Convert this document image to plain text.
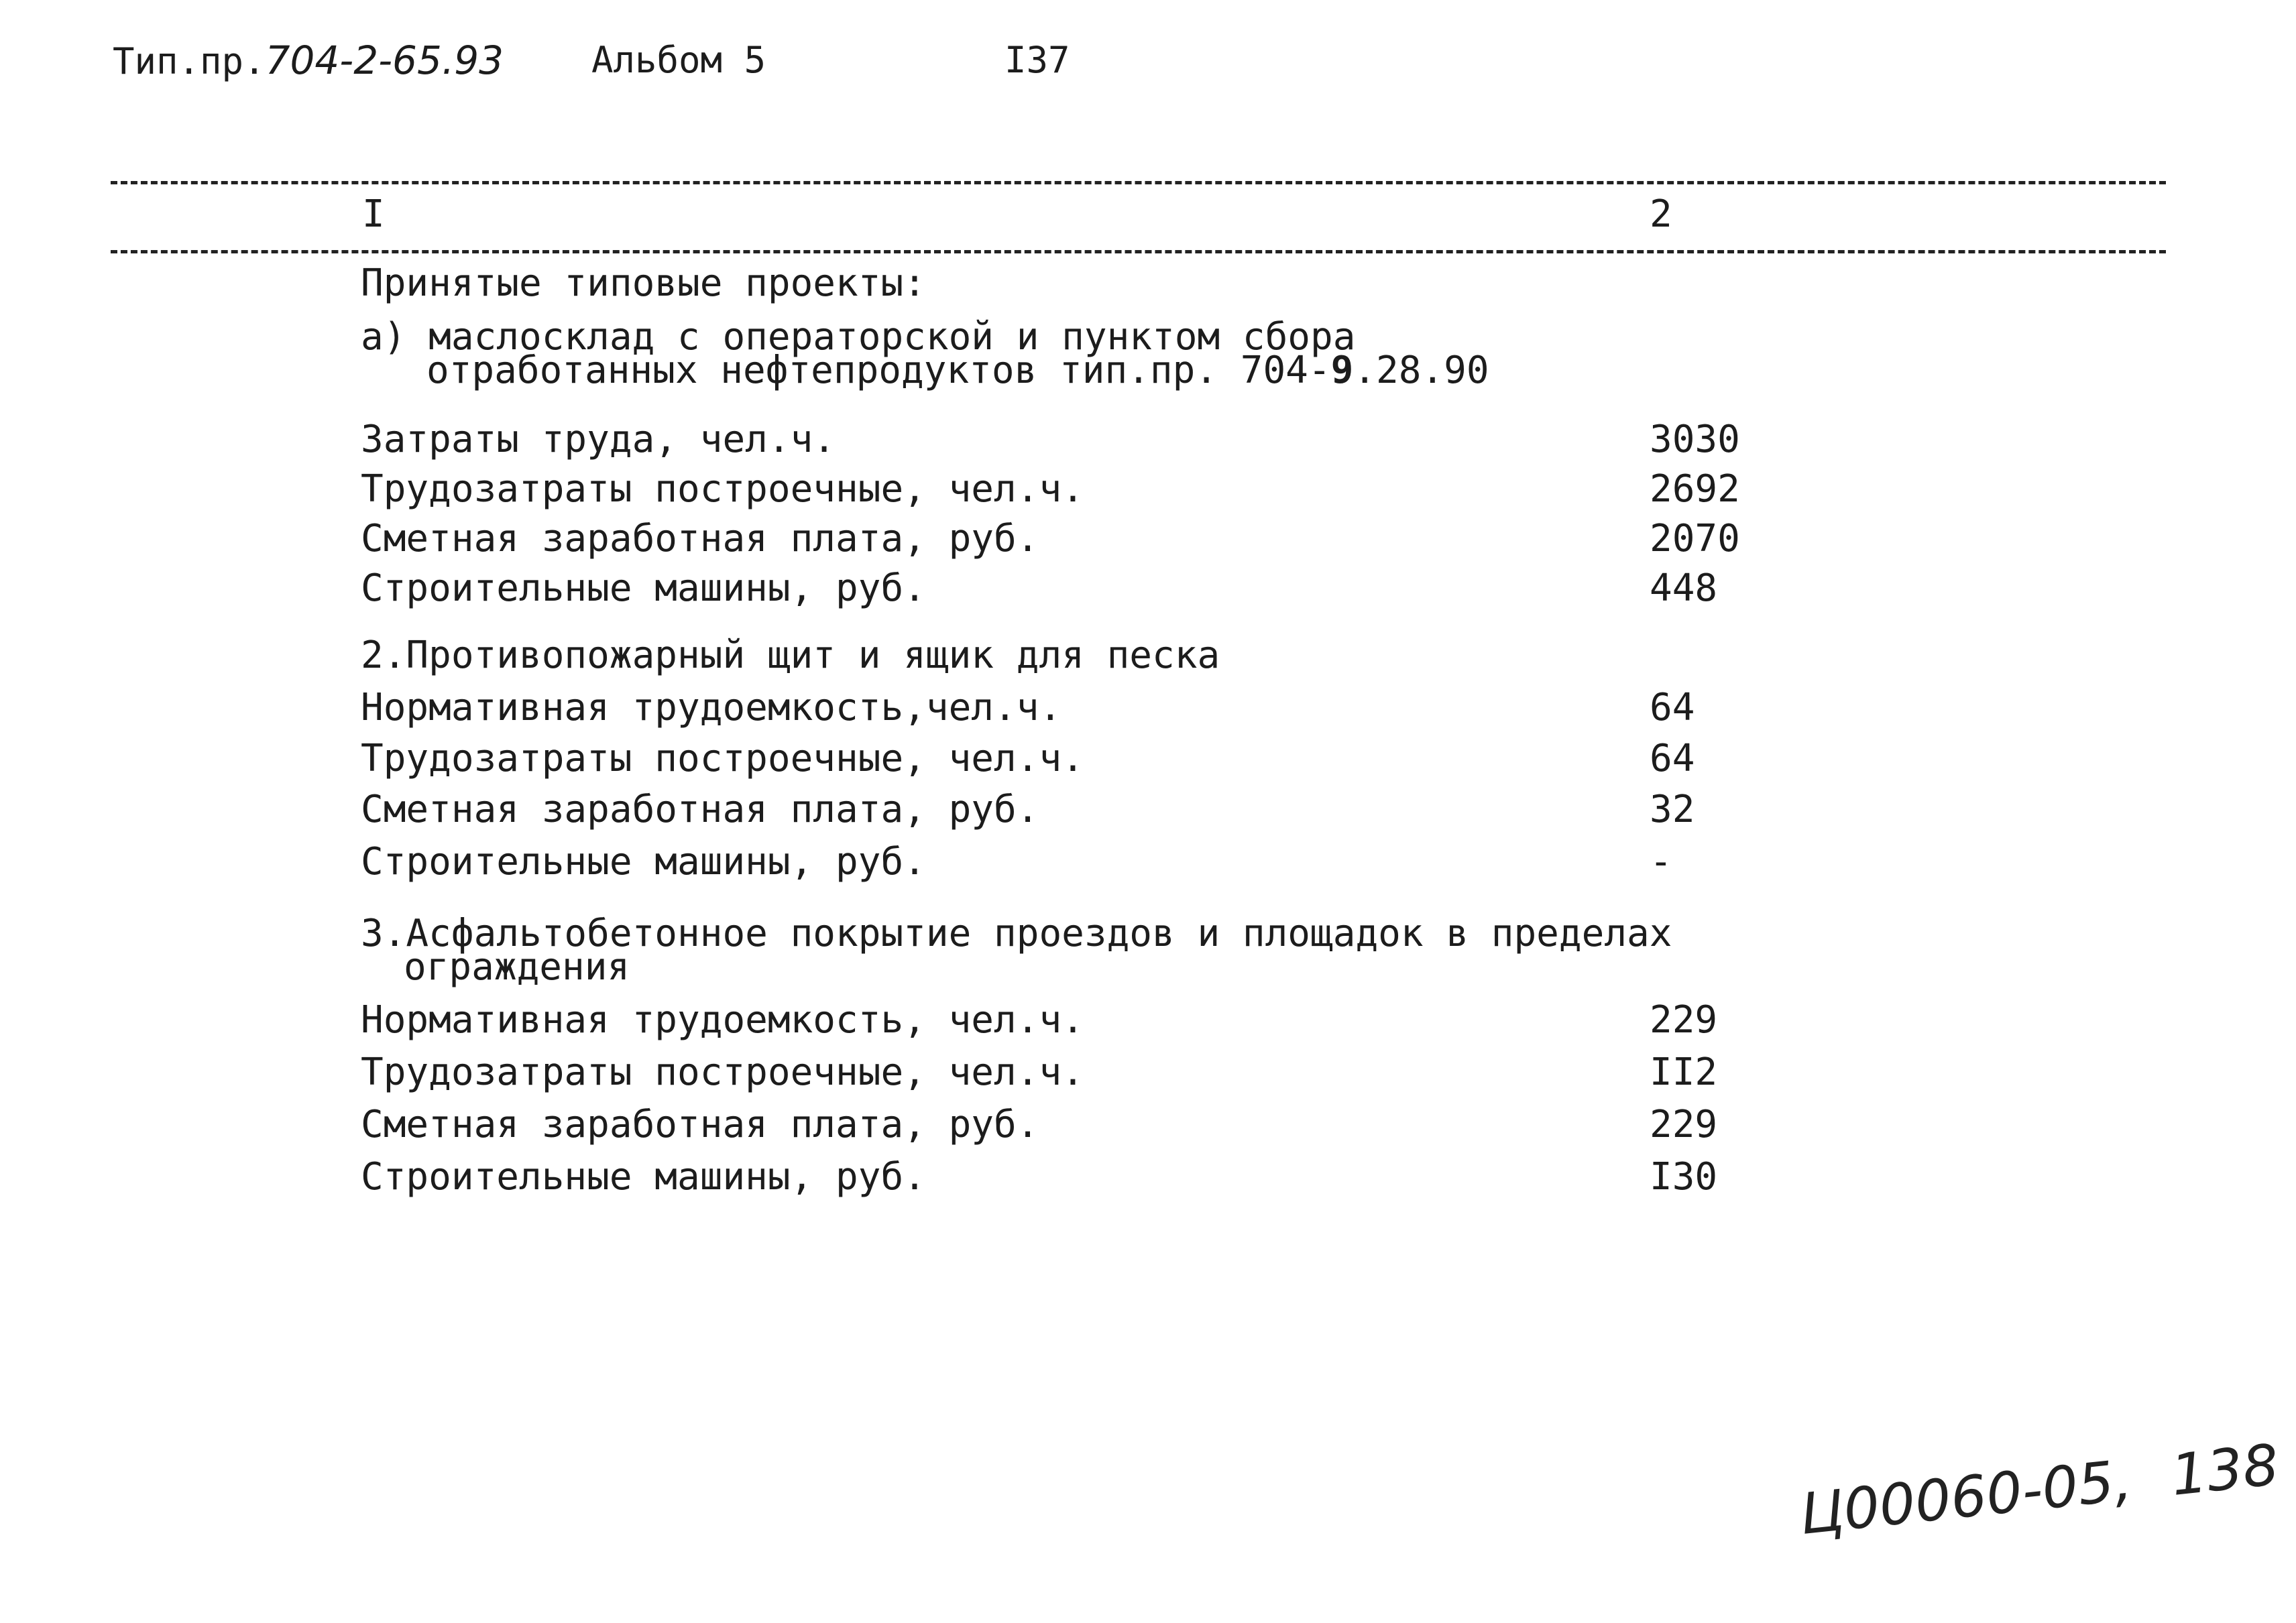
Тип.пр.704-2-65.93 Альбом 5	I37
I	2
Принятые типовые проекты:
а) маслосклад с операторской и пунктом сбора
отработанных нефтепродуктов тип.пр. 704-9.28.90
Затраты труда, чел.ч.	3030
Трудозатраты построечные, чел.ч.	2692
Сметная заработная плата, руб.	2070
Строительные машины, руб.	448
2.Противопожарный щит и ящик для песка
Нормативная трудоемкость,чел.ч.	64
Трудозатраты построечные, чел.ч.	64
Сметная заработная плата, руб.	32
Строительные машины, руб.	-
3.Асфальтобетонное покрытие проездов и площадок в пределах
ограждения
Нормативная трудоемкость, чел.ч.	229
Трудозатраты построечные, чел.ч.	II2
Сметная заработная плата, руб.	229
Строительные машины, руб.	I30
Ц00060-05, 138
